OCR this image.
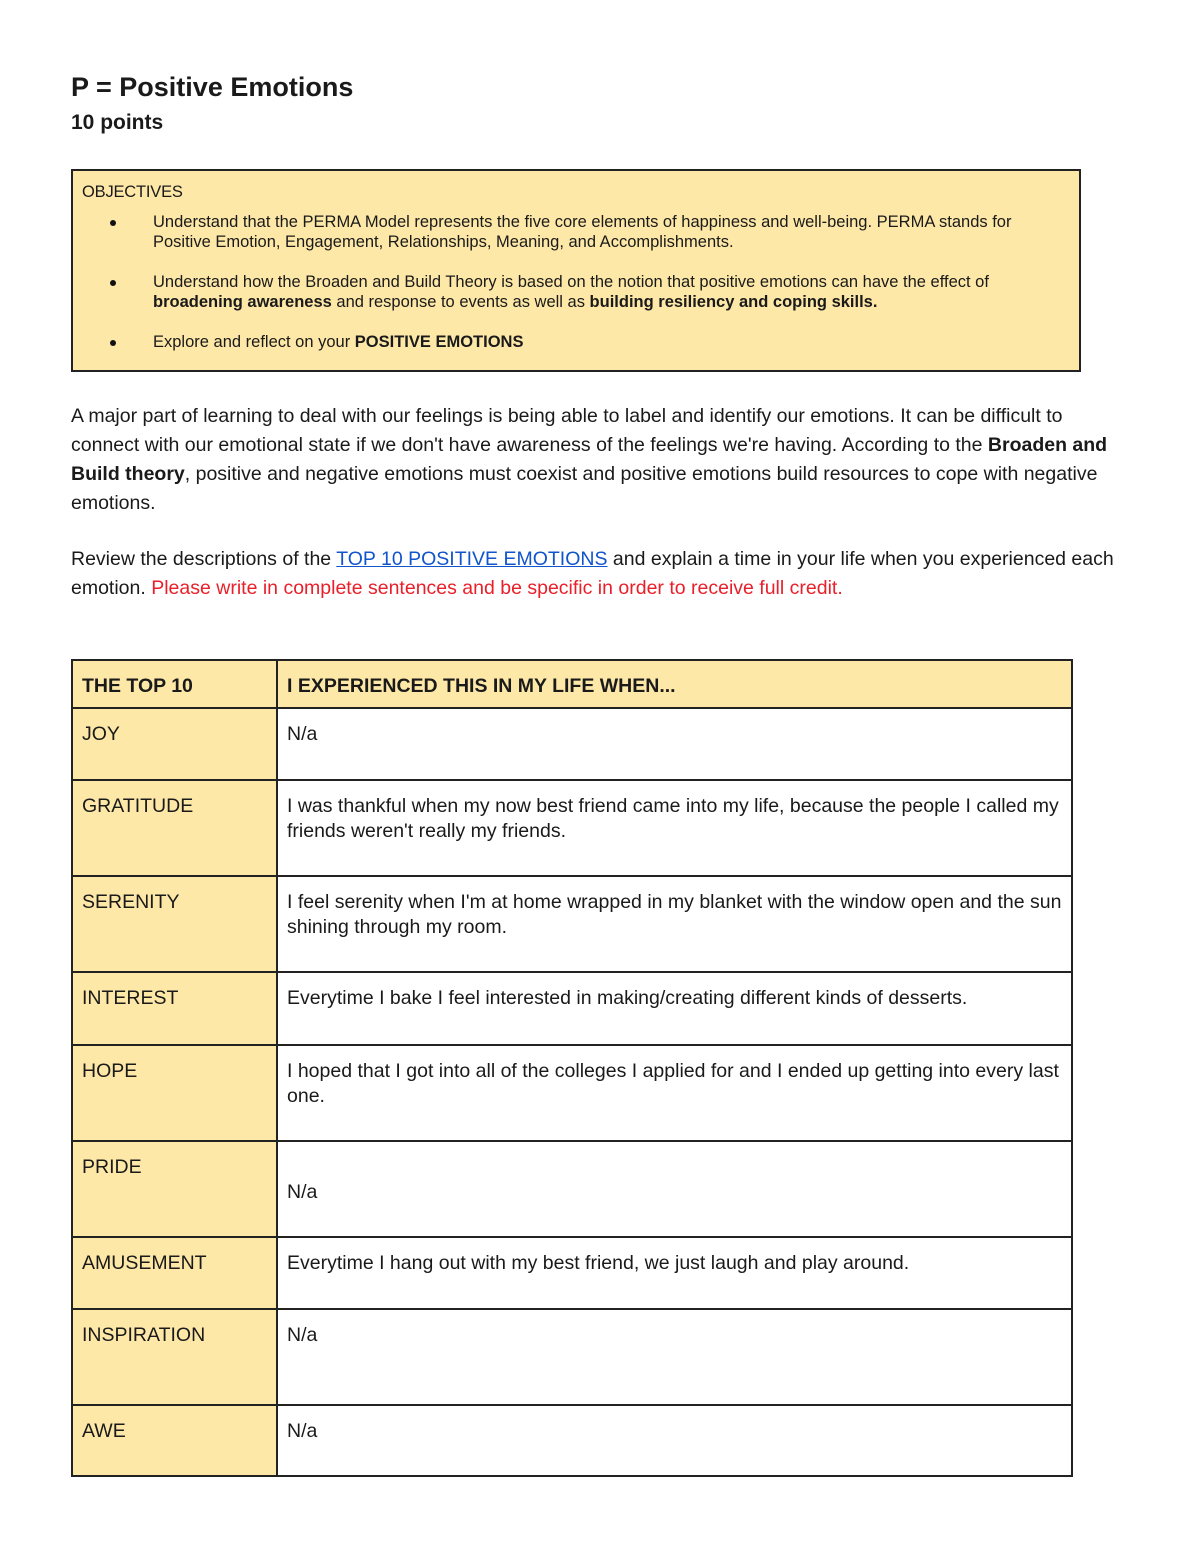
P = Positive Emotions
10 points
OBJECTIVES
Understand that the PERMA Model represents the five core elements of happiness and well-being. PERMA stands for Positive Emotion, Engagement, Relationships, Meaning, and Accomplishments.
Understand how the Broaden and Build Theory is based on the notion that positive emotions can have the effect of broadening awareness and response to events as well as building resiliency and coping skills.
Explore and reflect on your POSITIVE EMOTIONS

A major part of learning to deal with our feelings is being able to label and identify our emotions. It can be difficult to connect with our emotional state if we don't have awareness of the feelings we're having. According to the Broaden and Build theory, positive and negative emotions must coexist and positive emotions build resources to cope with negative emotions.

Review the descriptions of the TOP 10 POSITIVE EMOTIONS and explain a time in your life when you experienced each emotion. Please write in complete sentences and be specific in order to receive full credit.

THE TOP 10	I EXPERIENCED THIS IN MY LIFE WHEN...
JOY	N/a
GRATITUDE	I was thankful when my now best friend came into my life, because the people I called my friends weren't really my friends.
SERENITY	I feel serenity when I'm at home wrapped in my blanket with the window open and the sun shining through my room.
INTEREST	Everytime I bake I feel interested in making/creating different kinds of desserts.
HOPE	I hoped that I got into all of the colleges I applied for and I ended up getting into every last one.
PRIDE	N/a

AMUSEMENT	Everytime I hang out with my best friend, we just laugh and play around.
INSPIRATION	N/a
AWE	N/a
